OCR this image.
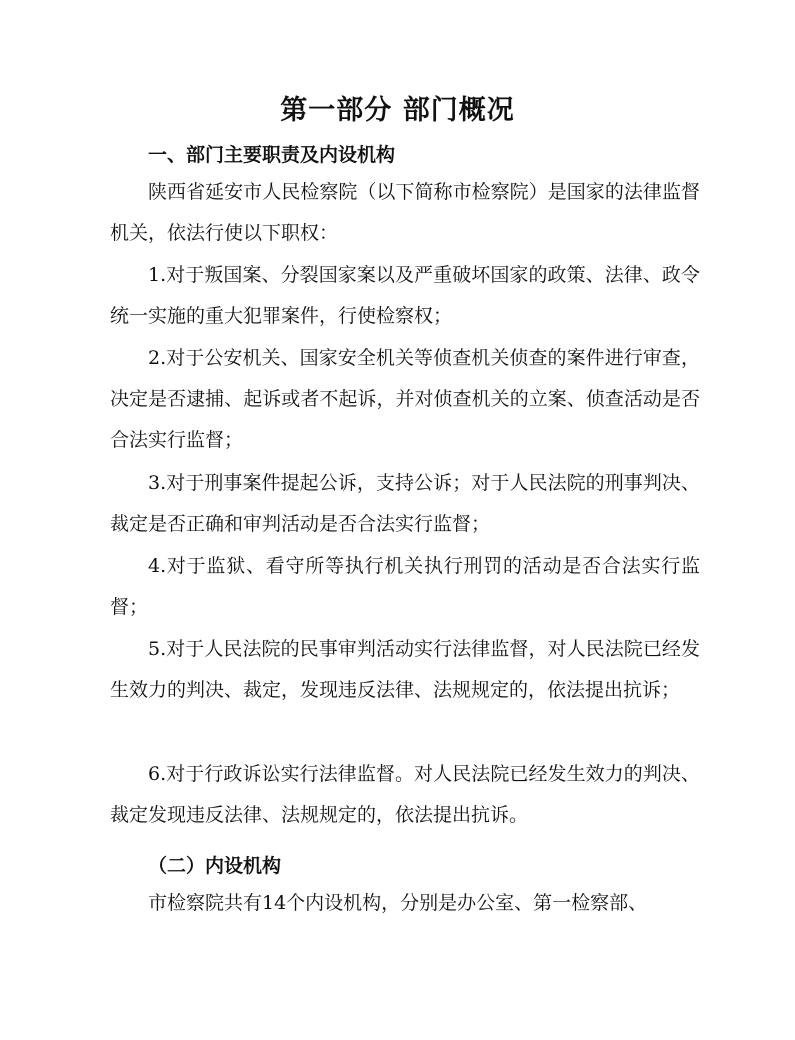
第一部分 部门概况
一、部门主要职责及内设机构

陕西省延安市人民检察院（以下简称市检察院）是国家的法律监督机关，依法行使以下职权：

1.对于叛国案、分裂国家案以及严重破坏国家的政策、法律、政令统一实施的重大犯罪案件，行使检察权；

2.对于公安机关、国家安全机关等侦查机关侦查的案件进行审查，决定是否逮捕、起诉或者不起诉，并对侦查机关的立案、侦查活动是否合法实行监督；

3.对于刑事案件提起公诉，支持公诉；对于人民法院的刑事判决、裁定是否正确和审判活动是否合法实行监督；

4.对于监狱、看守所等执行机关执行刑罚的活动是否合法实行监督；

5.对于人民法院的民事审判活动实行法律监督，对人民法院已经发生效力的判决、裁定，发现违反法律、法规规定的，依法提出抗诉；

6.对于行政诉讼实行法律监督。对人民法院已经发生效力的判决、裁定发现违反法律、法规规定的，依法提出抗诉。

（二）内设机构

市检察院共有14个内设机构，分别是办公室、第一检察部、
